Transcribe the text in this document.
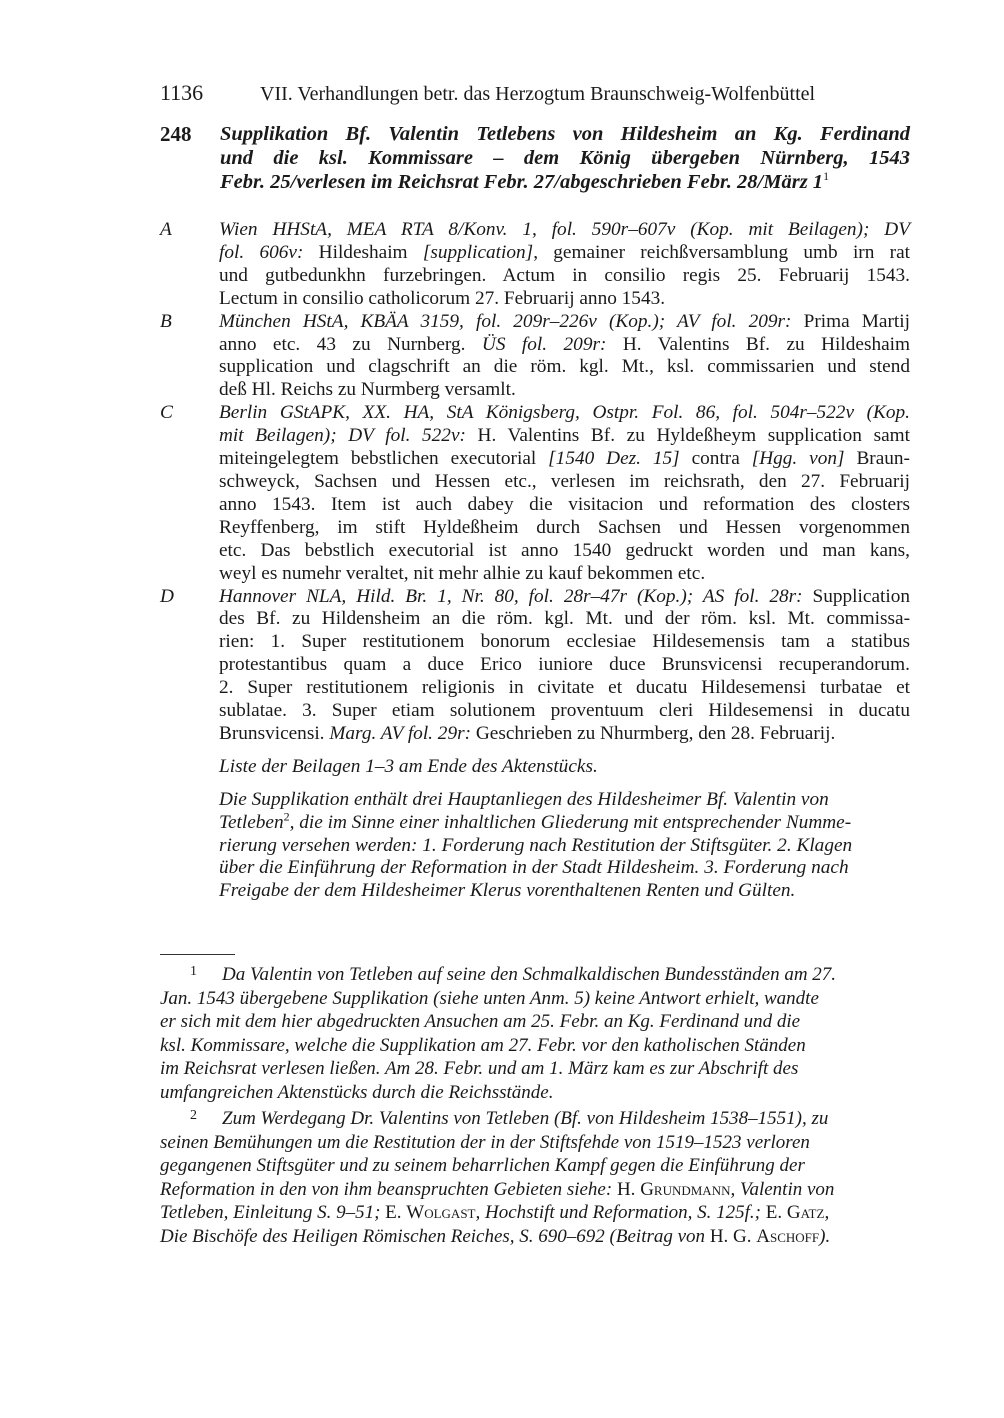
1136	VII. Verhandlungen betr. das Herzogtum Braunschweig-Wolfenbüttel
248 Supplikation Bf. Valentin Tetlebens von Hildesheim an Kg. Ferdinand

und die ksl. Kommissare – dem König übergeben Nürnberg, 1543

Febr. 25/verlesen im Reichsrat Febr. 27/abgeschrieben Febr. 28/März $1^1$

A Wien HHStA, MEA RTA 8/Konv. 1, fol. 590r–607v (Kop. mit Beilagen); DV

fol. 606v: Hildeshaim [supplication], gemainer reichßversamblung umb irn rat

und gutbedunkhn furzebringen. Actum in consilio regis 25. Februarij 1543.

Lectum in consilio catholicorum 27. Februarij anno 1543.

B München HStA, KBÄA 3159, fol. 209r–226v (Kop.); AV fol. 209r: Prima Martij

anno etc. 43 zu Nurnberg. ÜS fol. 209r: H. Valentins Bf. zu Hildeshaim

supplication und clagschrift an die röm. kgl. Mt., ksl. commissarien und stend

deß Hl. Reichs zu Nurmberg versamlt.

C Berlin GStAPK, XX. HA, StA Königsberg, Ostpr. Fol. 86, fol. 504r–522v (Kop.

mit Beilagen); DV fol. 522v: H. Valentins Bf. zu Hyldeßheym supplication samt

miteingelegtem bebstlichen executorial [1540 Dez. 15] contra [Hgg. von] Braun-

schweyck, Sachsen und Hessen etc., verlesen im reichsrath, den 27. Februarij

anno 1543. Item ist auch dabey die visitacion und reformation des closters

Reyffenberg, im stift Hyldeßheim durch Sachsen und Hessen vorgenommen

etc. Das bebstlich executorial ist anno 1540 gedruckt worden und man kans,

weyl es numehr veraltet, nit mehr alhie zu kauf bekommen etc.

D Hannover NLA, Hild. Br. 1, Nr. 80, fol. 28r–47r (Kop.); AS fol. 28r: Supplication

des Bf. zu Hildensheim an die röm. kgl. Mt. und der röm. ksl. Mt. commissa-

rien: 1. Super restitutionem bonorum ecclesiae Hildesemensis tam a statibus

protestantibus quam a duce Erico iuniore duce Brunsvicensi recuperandorum.

2. Super restitutionem religionis in civitate et ducatu Hildesemensi turbatae et

sublatae. 3. Super etiam solutionem proventuum cleri Hildesemensi in ducatu

Brunsvicensi. Marg. AV fol. 29r: Geschrieben zu Nhurmberg, den 28. Februarij.

Liste der Beilagen 1–3 am Ende des Aktenstücks.

Die Supplikation enthält drei Hauptanliegen des Hildesheimer Bf. Valentin von

Tetleben$^2$, die im Sinne einer inhaltlichen Gliederung mit entsprechender Numme-

rierung versehen werden: 1. Forderung nach Restitution der Stiftsgüter. 2. Klagen

über die Einführung der Reformation in der Stadt Hildesheim. 3. Forderung nach

Freigabe der dem Hildesheimer Klerus vorenthaltenen Renten und Gülten.

1 Da Valentin von Tetleben auf seine den Schmalkaldischen Bundesständen am 27.

Jan. 1543 übergebene Supplikation (siehe unten Anm. 5) keine Antwort erhielt, wandte

er sich mit dem hier abgedruckten Ansuchen am 25. Febr. an Kg. Ferdinand und die

ksl. Kommissare, welche die Supplikation am 27. Febr. vor den katholischen Ständen

im Reichsrat verlesen ließen. Am 28. Febr. und am 1. März kam es zur Abschrift des

umfangreichen Aktenstücks durch die Reichsstände.

2 Zum Werdegang Dr. Valentins von Tetleben (Bf. von Hildesheim 1538–1551), zu

seinen Bemühungen um die Restitution der in der Stiftsfehde von 1519–1523 verloren

gegangenen Stiftsgüter und zu seinem beharrlichen Kampf gegen die Einführung der

Reformation in den von ihm beanspruchten Gebieten siehe: H. Grundmann, Valentin von

Tetleben, Einleitung S. 9–51; E. Wolgast, Hochstift und Reformation, S. 125f.; E. Gatz,

Die Bischöfe des Heiligen Römischen Reiches, S. 690–692 (Beitrag von H. G. Aschoff).
